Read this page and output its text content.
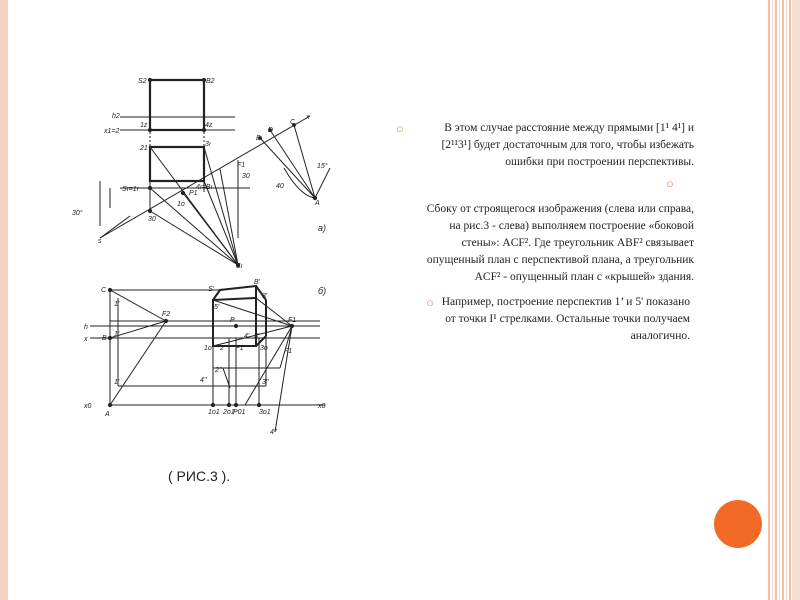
S2	B2
h2
x1=2
1z	4z
21
3ı
Sı=1ı
B
D
C
x
F1	15°
A
40
30
P1
4ı=Bı
1o
30
30°
s
a)
Sı
б)
C	S'
B'
5'
3'
1'
F2
P
h
x B
1'
1o 2' P1 3o
F1
F1
4' 3'
1'
2''
4''	3''
x0
A	1o1 2o1
P01 3o1
x0
4''
( РИС.3 ).
○	В этом случае расстояние между прямыми [1¹ 4¹] и [2¹¹3¹] будет достаточным для того, чтобы избежать ошибки при построении перспективы.
○
Сбоку от строящегося изображения (слева или справа, на рис.3 - слева) выполняем построение «боковой стены»: ACF². Где треугольник ABF² связывает опущенный план с перспективой плана, а треугольник ACF² - опущенный план с «крышей» здания.
○ Например, построение перспектив 1’ и 5' показано от точки I¹ стрелками. Остальные точки получаем аналогично.
